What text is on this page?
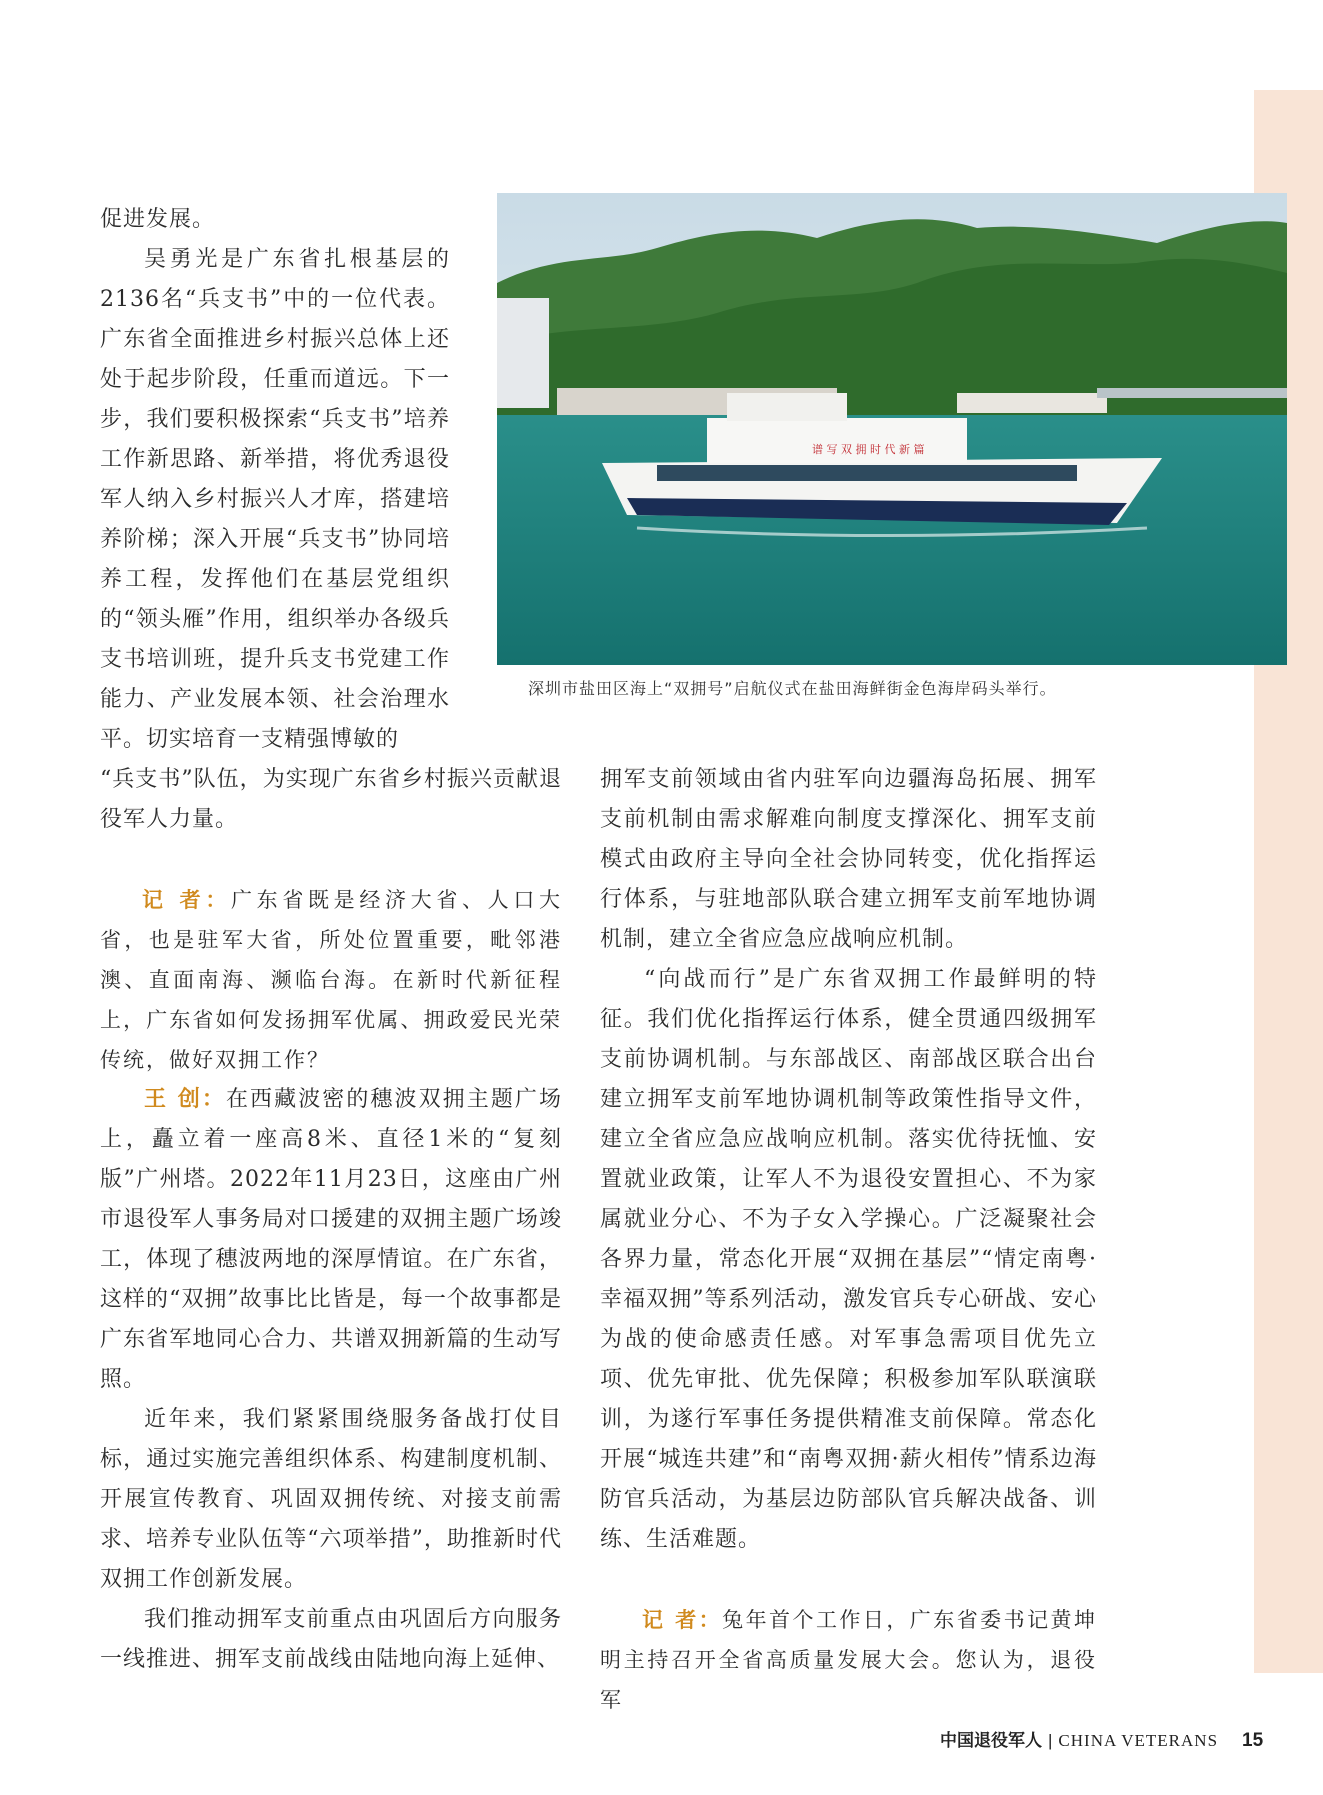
促进发展。

吴勇光是广东省扎根基层的2136名“兵支书”中的一位代表。广东省全面推进乡村振兴总体上还处于起步阶段，任重而道远。下一步，我们要积极探索“兵支书”培养工作新思路、新举措，将优秀退役军人纳入乡村振兴人才库，搭建培养阶梯；深入开展“兵支书”协同培养工程，发挥他们在基层党组织的“领头雁”作用，组织举办各级兵支书培训班，提升兵支书党建工作能力、产业发展本领、社会治理水平。切实培育一支精强博敏的

谱 写 双 拥 时 代 新 篇
深圳市盐田区海上“双拥号”启航仪式在盐田海鲜街金色海岸码头举行。

“兵支书”队伍，为实现广东省乡村振兴贡献退役军人力量。

记 者：广东省既是经济大省、人口大省，也是驻军大省，所处位置重要，毗邻港澳、直面南海、濒临台海。在新时代新征程上，广东省如何发扬拥军优属、拥政爱民光荣传统，做好双拥工作？

王 创：在西藏波密的穗波双拥主题广场上，矗立着一座高8米、直径1米的“复刻版”广州塔。2022年11月23日，这座由广州市退役军人事务局对口援建的双拥主题广场竣工，体现了穗波两地的深厚情谊。在广东省，这样的“双拥”故事比比皆是，每一个故事都是广东省军地同心合力、共谱双拥新篇的生动写照。

近年来，我们紧紧围绕服务备战打仗目标，通过实施完善组织体系、构建制度机制、开展宣传教育、巩固双拥传统、对接支前需求、培养专业队伍等“六项举措”，助推新时代双拥工作创新发展。

我们推动拥军支前重点由巩固后方向服务一线推进、拥军支前战线由陆地向海上延伸、

拥军支前领域由省内驻军向边疆海岛拓展、拥军支前机制由需求解难向制度支撑深化、拥军支前模式由政府主导向全社会协同转变，优化指挥运行体系，与驻地部队联合建立拥军支前军地协调机制，建立全省应急应战响应机制。

“向战而行”是广东省双拥工作最鲜明的特征。我们优化指挥运行体系，健全贯通四级拥军支前协调机制。与东部战区、南部战区联合出台建立拥军支前军地协调机制等政策性指导文件，建立全省应急应战响应机制。落实优待抚恤、安置就业政策，让军人不为退役安置担心、不为家属就业分心、不为子女入学操心。广泛凝聚社会各界力量，常态化开展“双拥在基层”“情定南粤·幸福双拥”等系列活动，激发官兵专心研战、安心为战的使命感责任感。对军事急需项目优先立项、优先审批、优先保障；积极参加军队联演联训，为遂行军事任务提供精准支前保障。常态化开展“城连共建”和“南粤双拥·薪火相传”情系边海防官兵活动，为基层边防部队官兵解决战备、训练、生活难题。

记 者：兔年首个工作日，广东省委书记黄坤明主持召开全省高质量发展大会。您认为，退役军

中国退役军人 | CHINA VETERANS 15
